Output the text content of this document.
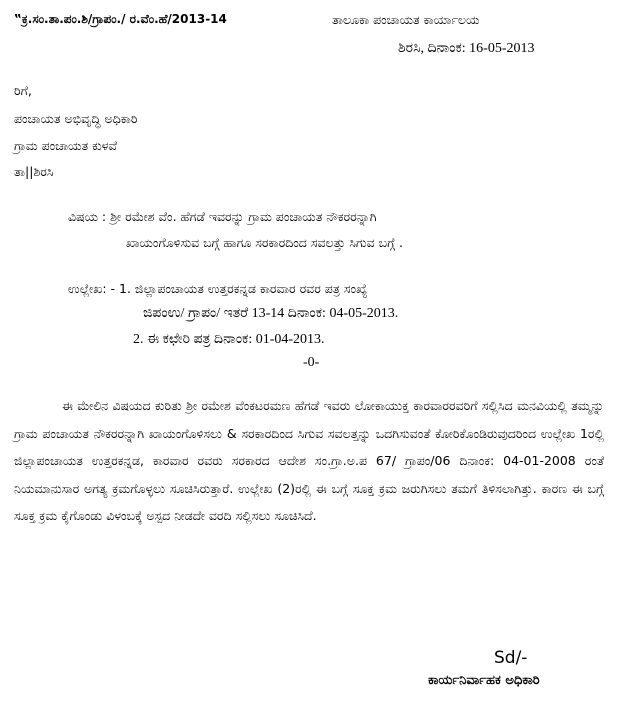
‟ಕ್ರ.ಸಂ.ತಾ.ಪಂ.ಶಿ/ಗ್ರಾಪಂ./ ರ.ವೆಂ.ಹೆ/2013-14	ತಾಲೂಕಾ ಪಂಚಾಯತ ಕಾರ್ಯಾಲಯ
ಶಿರಸಿ, ದಿನಾಂಕ: 16-05-2013
ರಿಗೆ,
ಪಂಚಾಯತ ಅಭಿವೃದ್ಧಿ ಅಧಿಕಾರಿ
ಗ್ರಾಮ ಪಂಚಾಯತ ಕುಳವೆ
ತಾ||ಶಿರಸಿ
ವಿಷಯ : ಶ್ರೀ ರಮೇಶ ವೆಂ. ಹೆಗಡೆ ಇವರನ್ನು ಗ್ರಾಮ ಪಂಚಾಯತ ನೌಕರರನ್ನಾಗಿ
ಖಾಯಂಗೊಳಿಸುವ ಬಗ್ಗೆ ಹಾಗೂ ಸರಕಾರದಿಂದ ಸವಲತ್ತು ಸಿಗುವ ಬಗ್ಗೆ .
ಉಲ್ಲೇಖ: - 1. ಜಿಲ್ಲಾಪಂಚಾಯತ ಉತ್ತರಕನ್ನಡ ಕಾರವಾರ ರವರ ಪತ್ರ ಸಂಖ್ಯೆ
ಜಿಪಂಉ/ ಗ್ರಾಪಂ/ ಇತರೆ 13-14 ದಿನಾಂಕ: 04-05-2013.
2. ಈ ಕಛೇರಿ ಪತ್ರ ದಿನಾಂಕ: 01-04-2013.
-0-
ಈ ಮೇಲಿನ ವಿಷಯದ ಕುರಿತು ಶ್ರೀ ರಮೇಶ ವೆಂಕಟರಮಣ ಹೆಗಡೆ ಇವರು ಲೋಕಾಯುಕ್ತ ಕಾರವಾರರವರಿಗೆ ಸಲ್ಲಿಸಿದ ಮನವಿಯಲ್ಲಿ ತಮ್ಮನ್ನು ಗ್ರಾಮ ಪಂಚಾಯತ ನೌಕರರನ್ನಾಗಿ ಖಾಯಂಗೊಳಿಸಲು & ಸರಕಾರದಿಂದ ಸಿಗುವ ಸವಲತ್ತನ್ನು ಒದಗಿಸುವಂತೆ ಕೋರಿಕೊಂಡಿರುವುದರಿಂದ ಉಲ್ಲೇಖ 1ರಲ್ಲಿ ಜಿಲ್ಲಾಪಂಚಾಯತ ಉತ್ತರಕನ್ನಡ, ಕಾರವಾರ ರವರು ಸರಕಾರದ ಆದೇಶ ಸಂ.ಗ್ರಾ.ಅ.ಪ 67/ ಗ್ರಾಪಂ/06 ದಿನಾಂಕ: 04-01-2008 ರಂತೆ ನಿಯಮಾನುಸಾರ ಅಗತ್ಯ ಕ್ರಮಗೊಳ್ಳಲು ಸೂಚಿಸಿರುತ್ತಾರೆ. ಉಲ್ಲೇಖ (2)ರಲ್ಲಿ ಈ ಬಗ್ಗೆ ಸೂಕ್ತ ಕ್ರಮ ಜರುಗಿಸಲು ತಮಗೆ ತಿಳಿಸಲಾಗಿತ್ತು. ಕಾರಣ ಈ ಬಗ್ಗೆ ಸೂಕ್ತ ಕ್ರಮ ಕೈಗೊಂಡು ವಿಳಂಬಕ್ಕೆ ಅಸ್ಪದ ನೀಡದೇ ವರದಿ ಸಲ್ಲಿಸಲು ಸೂಚಿಸಿದೆ.
Sd/-
ಕಾರ್ಯನಿರ್ವಾಹಕ ಅಧಿಕಾರಿ
